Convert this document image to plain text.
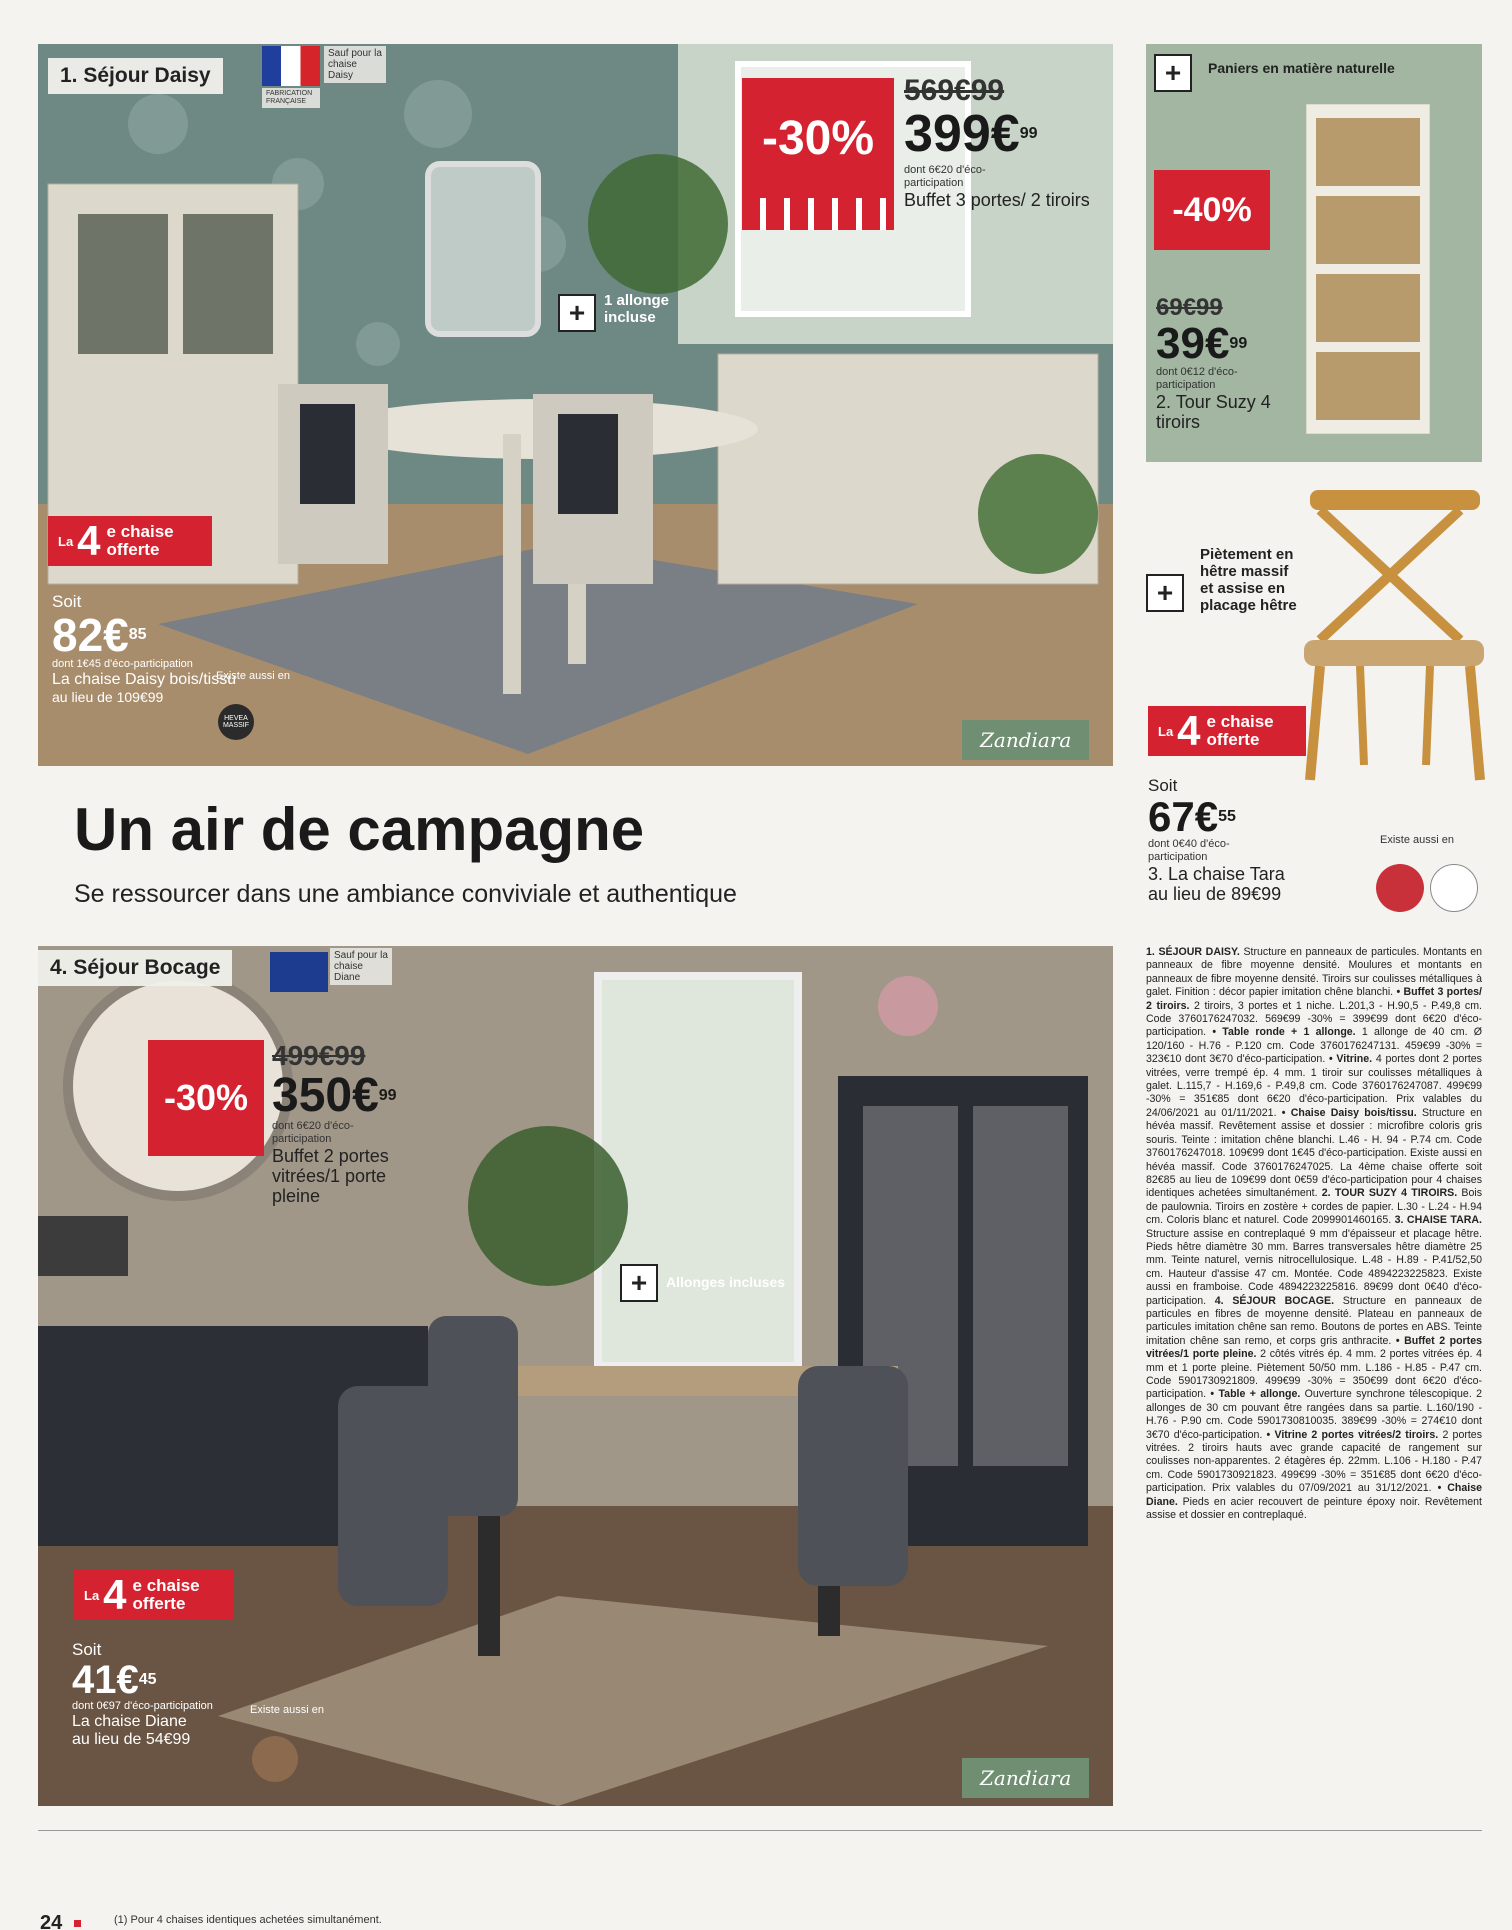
1. Séjour Daisy
FABRICATION FRANÇAISE
Sauf pour la chaise Daisy
+	1 allonge incluse
-30%
569€99
399€$^{99}$
dont 6€20 d'éco-participation
Buffet 3 portes/ 2 tiroirs
La 4 e chaise offerte
Soit
82€$^{85}$
dont 1€45 d'éco-participation
La chaise Daisy bois/tissu
au lieu de 109€99
Existe aussi en
HEVEA MASSIF
Zandiara
+	Paniers en matière naturelle
-40%
69€99
39€$^{99}$
dont 0€12 d'éco-participation
2. Tour Suzy 4 tiroirs
+
Piètement en hêtre massif et assise en placage hêtre
La 4 e chaise offerte
Soit
67€$^{55}$
dont 0€40 d'éco-participation
3. La chaise Tara
au lieu de 89€99
Existe aussi en
Un air de campagne
Se ressourcer dans une ambiance conviviale et authentique
4. Séjour Bocage
Sauf pour la chaise Diane
-30%
499€99
350€$^{99}$
dont 6€20 d'éco-participation
Buffet 2 portes vitrées/1 porte pleine
+	Allonges incluses
La 4 e chaise offerte
Soit
41€$^{45}$
dont 0€97 d'éco-participation
La chaise Diane
au lieu de 54€99
Existe aussi en
Zandiara
1. SÉJOUR DAISY. Structure en panneaux de particules. Montants en panneaux de fibre moyenne densité. Moulures et montants en panneaux de fibre moyenne densité. Tiroirs sur coulisses métalliques à galet. Finition : décor papier imitation chêne blanchi. • Buffet 3 portes/ 2 tiroirs. 2 tiroirs, 3 portes et 1 niche. L.201,3 - H.90,5 - P.49,8 cm. Code 3760176247032. 569€99 -30% = 399€99 dont 6€20 d'éco-participation. • Table ronde + 1 allonge. 1 allonge de 40 cm. Ø 120/160 - H.76 - P.120 cm. Code 3760176247131. 459€99 -30% = 323€10 dont 3€70 d'éco-participation. • Vitrine. 4 portes dont 2 portes vitrées, verre trempé ép. 4 mm. 1 tiroir sur coulisses métalliques à galet. L.115,7 - H.169,6 - P.49,8 cm. Code 3760176247087. 499€99 -30% = 351€85 dont 6€20 d'éco-participation. Prix valables du 24/06/2021 au 01/11/2021. • Chaise Daisy bois/tissu. Structure en hévéa massif. Revêtement assise et dossier : microfibre coloris gris souris. Teinte : imitation chêne blanchi. L.46 - H. 94 - P.74 cm. Code 3760176247018. 109€99 dont 1€45 d'éco-participation. Existe aussi en hévéa massif. Code 3760176247025. La 4ème chaise offerte soit 82€85 au lieu de 109€99 dont 0€59 d'éco-participation pour 4 chaises identiques achetées simultanément. 2. TOUR SUZY 4 TIROIRS. Bois de paulownia. Tiroirs en zostère + cordes de papier. L.30 - L.24 - H.94 cm. Coloris blanc et naturel. Code 2099901460165. 3. CHAISE TARA. Structure assise en contreplaqué 9 mm d'épaisseur et placage hêtre. Pieds hêtre diamètre 30 mm. Barres transversales hêtre diamètre 25 mm. Teinte naturel, vernis nitrocellulosique. L.48 - H.89 - P.41/52,50 cm. Hauteur d'assise 47 cm. Montée. Code 4894223225823. Existe aussi en framboise. Code 4894223225816. 89€99 dont 0€40 d'éco-participation. 4. SÉJOUR BOCAGE. Structure en panneaux de particules en fibres de moyenne densité. Plateau en panneaux de particules imitation chêne san remo. Boutons de portes en ABS. Teinte imitation chêne san remo, et corps gris anthracite. • Buffet 2 portes vitrées/1 porte pleine. 2 côtés vitrés ép. 4 mm. 2 portes vitrées ép. 4 mm et 1 porte pleine. Piètement 50/50 mm. L.186 - H.85 - P.47 cm. Code 5901730921809. 499€99 -30% = 350€99 dont 6€20 d'éco-participation. • Table + allonge. Ouverture synchrone télescopique. 2 allonges de 30 cm pouvant être rangées dans sa partie. L.160/190 - H.76 - P.90 cm. Code 5901730810035. 389€99 -30% = 274€10 dont 3€70 d'éco-participation. • Vitrine 2 portes vitrées/2 tiroirs. 2 portes vitrées. 2 tiroirs hauts avec grande capacité de rangement sur coulisses non-apparentes. 2 étagères ép. 22mm. L.106 - H.180 - P.47 cm. Code 5901730921823. 499€99 -30% = 351€85 dont 6€20 d'éco-participation. Prix valables du 07/09/2021 au 31/12/2021. • Chaise Diane. Pieds en acier recouvert de peinture époxy noir. Revêtement assise et dossier en contreplaqué.
24	(1) Pour 4 chaises identiques achetées simultanément.
